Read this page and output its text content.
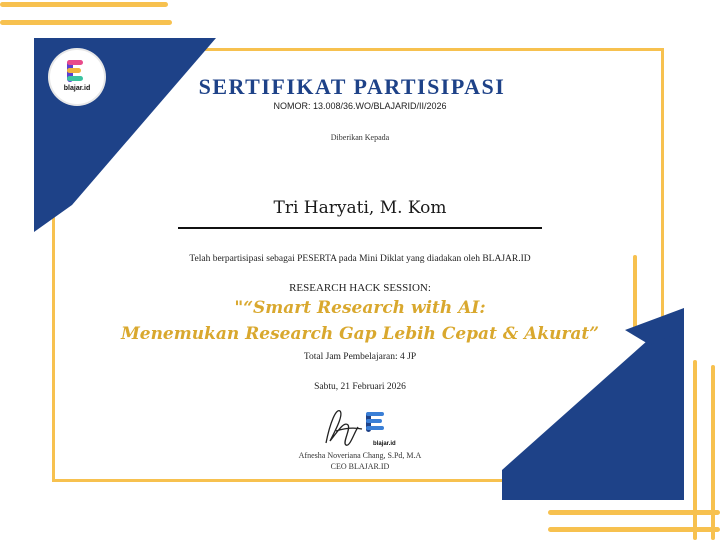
blajar.id	SERTIFIKAT PARTISIPASI
NOMOR: 13.008/36.WO/BLAJARID/II/2026
Diberikan Kepada
Tri Haryati, M. Kom
Telah berpartisipasi sebagai PESERTA pada Mini Diklat yang diadakan oleh BLAJAR.ID
RESEARCH HACK SESSION:
"“Smart Research with AI:
Menemukan Research Gap Lebih Cepat & Akurat”
Total Jam Pembelajaran: 4 JP
Sabtu, 21 Februari 2026
blajar.id
Afnesha Noveriana Chang, S.Pd, M.A
CEO BLAJAR.ID
